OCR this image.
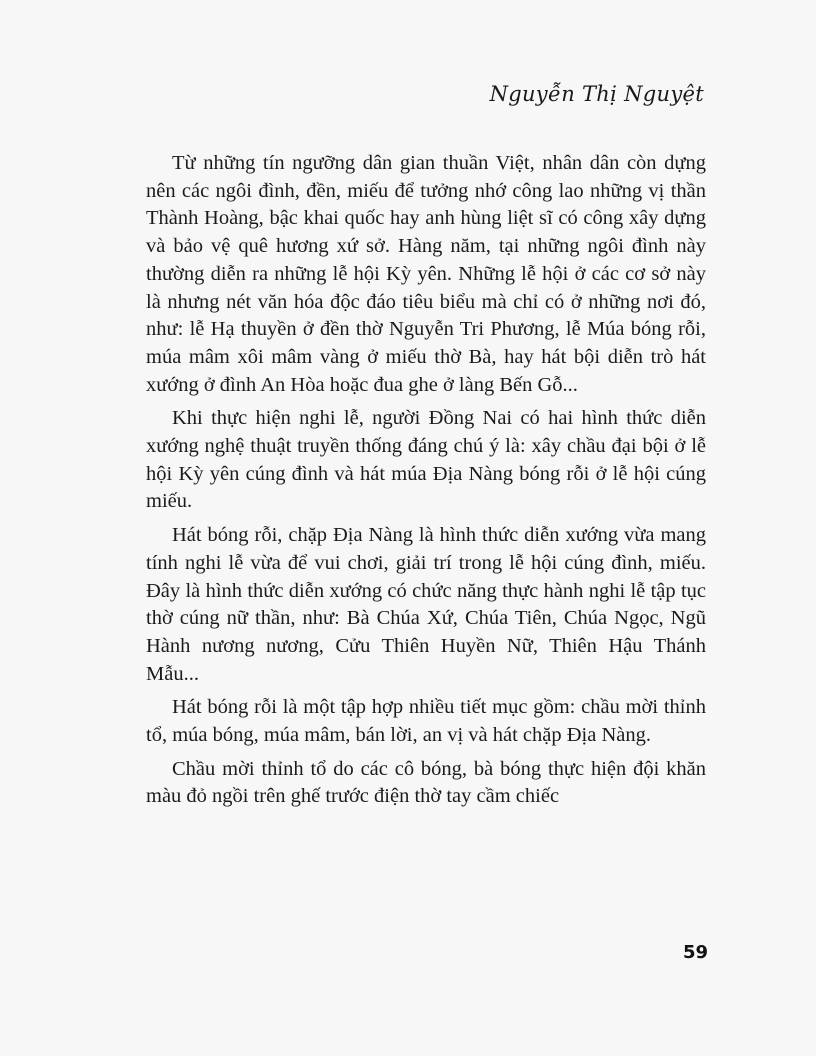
Nguyễn Thị Nguyệt

Từ những tín ngưỡng dân gian thuần Việt, nhân dân còn dựng nên các ngôi đình, đền, miếu để tưởng nhớ công lao những vị thần Thành Hoàng, bậc khai quốc hay anh hùng liệt sĩ có công xây dựng và bảo vệ quê hương xứ sở. Hàng năm, tại những ngôi đình này thường diễn ra những lễ hội Kỳ yên. Những lễ hội ở các cơ sở này là nhưng nét văn hóa độc đáo tiêu biểu mà chỉ có ở những nơi đó, như: lễ Hạ thuyền ở đền thờ Nguyễn Tri Phương, lễ Múa bóng rỗi, múa mâm xôi mâm vàng ở miếu thờ Bà, hay hát bội diễn trò hát xướng ở đình An Hòa hoặc đua ghe ở làng Bến Gỗ...

Khi thực hiện nghi lễ, người Đồng Nai có hai hình thức diễn xướng nghệ thuật truyền thống đáng chú ý là: xây chầu đại bội ở lễ hội Kỳ yên cúng đình và hát múa Địa Nàng bóng rỗi ở lễ hội cúng miếu.

Hát bóng rỗi, chặp Địa Nàng là hình thức diễn xướng vừa mang tính nghi lễ vừa để vui chơi, giải trí trong lễ hội cúng đình, miếu. Đây là hình thức diễn xướng có chức năng thực hành nghi lễ tập tục thờ cúng nữ thần, như: Bà Chúa Xứ, Chúa Tiên, Chúa Ngọc, Ngũ Hành nương nương, Cửu Thiên Huyền Nữ, Thiên Hậu Thánh Mẫu...

Hát bóng rỗi là một tập hợp nhiều tiết mục gồm: chầu mời thỉnh tổ, múa bóng, múa mâm, bán lời, an vị và hát chặp Địa Nàng.

Chầu mời thỉnh tổ do các cô bóng, bà bóng thực hiện đội khăn màu đỏ ngồi trên ghế trước điện thờ tay cầm chiếc

59
